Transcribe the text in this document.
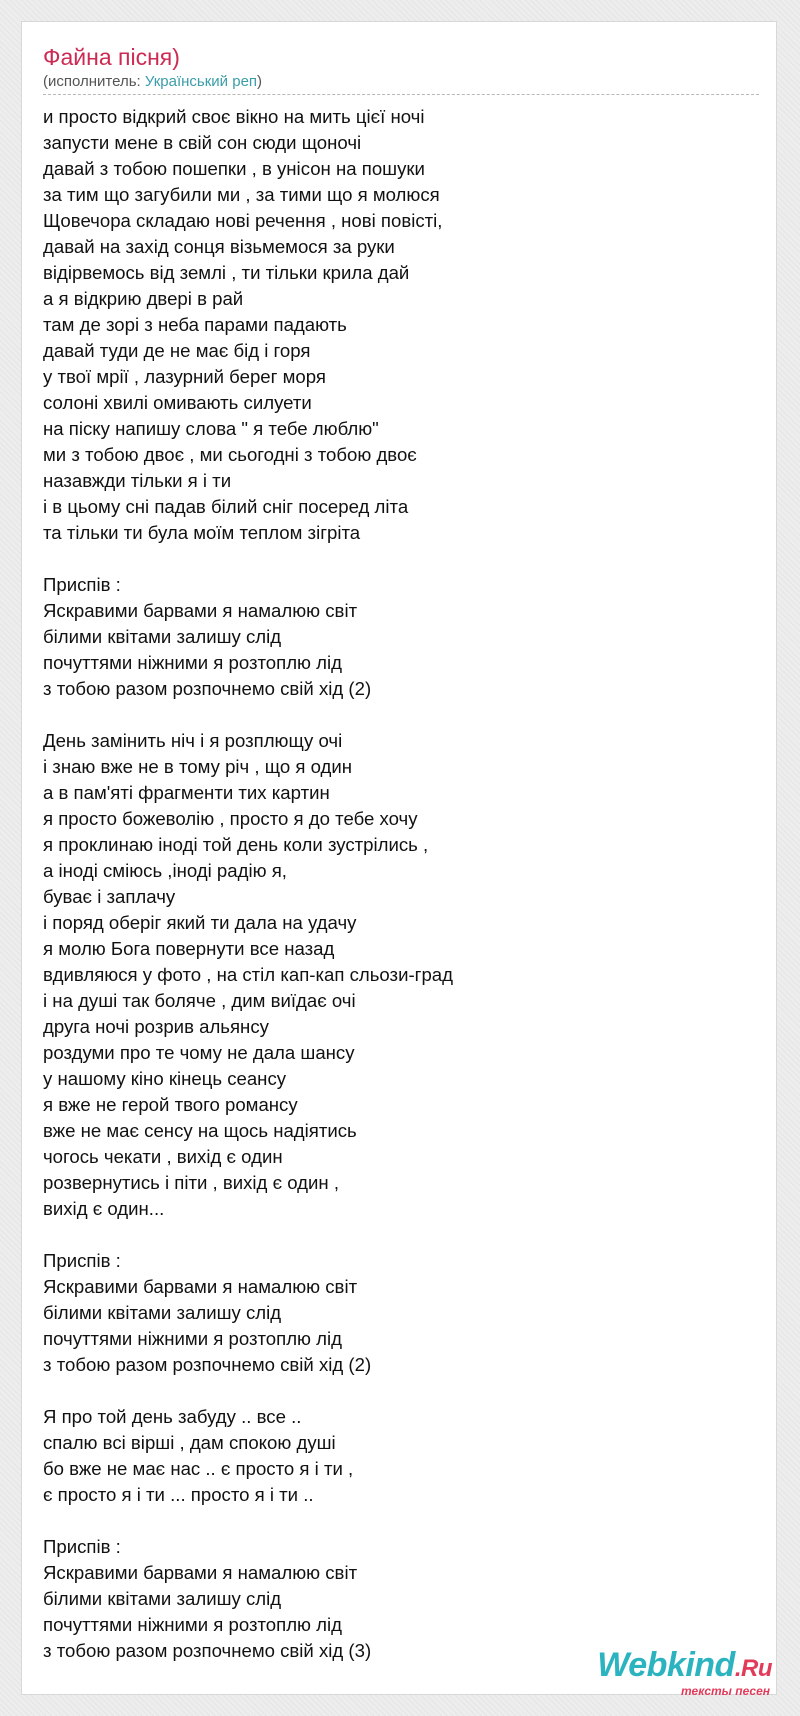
Файна пісня)
(исполнитель: Український реп)
и просто відкрий своє вікно на мить цієї ночі
запусти мене в свій сон сюди щоночі
давай з тобою пошепки , в унісон на пошуки
за тим що загубили ми , за тими що я молюся
Щовечора складаю нові речення , нові повісті,
давай на захід сонця візьмемося за руки
відірвемось від землі , ти тільки крила дай
а я відкрию двері в рай
там де зорі з неба парами падають
давай туди де не має бід і горя
у твої мрії , лазурний берег моря
солоні хвилі омивають силуети
на піску напишу слова " я тебе люблю"
ми з тобою двоє , ми сьогодні з тобою двоє
назавжди тільки я і ти
і в цьому сні падав білий сніг посеред літа
та тільки ти була моїм теплом зігріта
Приспів :
Яскравими барвами я намалюю світ
білими квітами залишу слід
почуттями ніжними я розтоплю лід
з тобою разом розпочнемо свій хід (2)
День замінить ніч і я розплющу очі
і знаю вже не в тому річ , що я один
а в пам'яті фрагменти тих картин
я просто божеволію , просто я до тебе хочу
я проклинаю іноді той день коли зустрілись ,
а іноді сміюсь ,іноді радію я,
буває і заплачу
і поряд оберіг який ти дала на удачу
я молю Бога повернути все назад
вдивляюся у фото , на стіл кап-кап сльози-град
і на душі так боляче , дим виїдає очі
друга ночі розрив альянсу
роздуми про те чому не дала шансу
у нашому кіно кінець сеансу
я вже не герой твого романсу
вже не має сенсу на щось надіятись
чогось чекати , вихід є один
розвернутись і піти , вихід є один ,
вихід є один...
Приспів :
Яскравими барвами я намалюю світ
білими квітами залишу слід
почуттями ніжними я розтоплю лід
з тобою разом розпочнемо свій хід (2)
Я про той день забуду .. все ..
спалю всі вірші , дам спокою душі
бо вже не має нас .. є просто я і ти ,
є просто я і ти ... просто я і ти ..
Приспів :
Яскравими барвами я намалюю світ
білими квітами залишу слід
почуттями ніжними я розтоплю лід
з тобою разом розпочнемо свій хід (3)	Webkind.Ru
тексты песен
